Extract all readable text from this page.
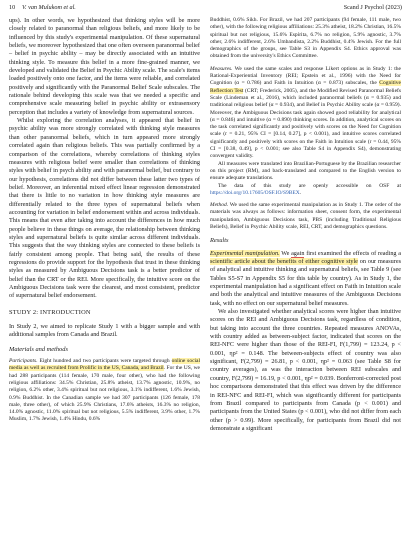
10 V. van Mulukom et al.	Scand J Psychol (2023)

ups). In other words, we hypothesized that thinking styles will be more closely related to paranormal than religious beliefs, and more likely to be influenced by this study's experimental manipulation. Of these supernatural beliefs, we moreover hypothesized that one often overseen paranormal belief – belief in psychic ability – may be directly associated with an intuitive thinking style. To measure this belief in a more fine-grained manner, we developed and validated the Belief in Psychic Ability scale. The scale's items loaded positively onto one factor, and the items were reliable, and correlated positively and significantly with the Paranormal Belief Scale subscales. The rationale behind developing this scale was that we needed a specific and comprehensive scale measuring belief in psychic ability or extrasensory perception that includes a variety of knowledge from supernatural sources.

Whilst exploring the correlation analyses, it appeared that belief in psychic ability was more strongly correlated with thinking style measures than other paranormal beliefs, which in turn appeared more strongly correlated again than religious beliefs. This was partially confirmed by a comparison of the correlations, whereby correlations of thinking styles measures with religious belief were smaller than correlations of thinking styles with belief in psych ability and with paranormal belief, but contrary to our hypothesis, correlations did not differ between these latter two types of belief. Moreover, an inferential mixed effect linear regression demonstrated that there is little to no variation in how thinking style measures are differentially related to the three types of supernatural beliefs when accounting for variation in belief endorsement within and across individuals. This means that even after taking into account the differences in how much people believe in these things on average, the relationship between thinking styles and supernatural beliefs is quite similar across different individuals. This suggests that the way thinking styles are connected to these beliefs is fairly consistent among people. That being said, the results of these regressions do provide support for the hypothesis that trust in these thinking styles as measured by Ambiguous Decisions task is a better predictor of belief than the CRT or the REI. More specifically, the intuitive score on the Ambiguous Decisions task were the clearest, and most consistent, predictor of supernatural belief endorsement.

STUDY 2: INTRODUCTION

In Study 2, we aimed to replicate Study 1 with a bigger sample and with additional samples from Canada and Brazil.

Materials and methods

Participants. Eight hundred and two participants were targeted through online social media as well as recruited from Prolific in the US, Canada, and Brazil. For the US, we had 288 participants (114 female, 170 male, four other), who had the following religious affiliations: 34.5% Christian, 25.8% atheist, 13.7% agnostic, 10.9%, no religion, 6.2% other, 3.4% spiritual but not religious, 3.1% indifferent, 1.6% Jewish, 0.9% Buddhist. In the Canadian sample we had 307 participants (126 female, 178 male, three other), of which 25.9% Christians, 17.6% atheists, 16.3% no religion, 14.0% agnostic, 11.0% spiritual but not religious, 5.5% indifferent, 3.9% other, 1.7% Muslim, 1.7% Jewish, 1.4% Hindu, 0.6%

Buddhist, 0.6% Sikh. For Brazil, we had 207 participants (94 female, 111 male, two other), with the following religious affiliations: 25.3% atheist, 18.2% Christian, 16.5% spiritual but not religious, 15.6% Espírita, 6.7% no religion, 5.9% agnostic, 3.7% other, 2.6% indifferent, 2.6% Umbandista, 2.2% Buddhist, 0.4% Jewish. For the full demographics of the groups, see Table S3 in Appendix S4. Ethics approval was obtained from the university's Ethics Committee.

Measures. We used the same scales and response Likert options as in Study 1: the Rational-Experiential Inventory (REI; Epstein et al., 1996) with the Need for Cognition (α = 0.786) and Faith in Intuition (α = 0.873) subscales, the Cognitive Reflection Test (CRT; Frederick, 2005), and the Modified Revised Paranormal Beliefs Scale (Lindeman et al., 2016), which included paranormal beliefs (α = 0.935) and traditional religious belief (α = 0.934), and Belief in Psychic Ability scale (α = 0.959). Moreover, the Ambiguous Decisions task again showed good reliability for analytical (α = 0.846) and intuitive (α = 0.890) thinking scores. In addition, analytical scores on the task correlated significantly and positively with scores on the Need for Cognition scale (r = 0.21, 95% CI = [0.14, 0.27], p < 0.001), and intuitive scores correlated significantly and positively with scores on the Faith in Intuition scale (r = 0.44, 95% CI = [0.38, 0.49], p < 0.001; see also Table S4 in Appendix S4), demonstrating convergent validity.

All measures were translated into Brazilian-Portuguese by the Brazilian researcher on this project (RM), and back-translated and compared to the English version to ensure adequate translations.

The data of this study are openly accessible on OSF at https://doi.org/10.17605/OSF.IO/S9BEX.

Method. We used the same experimental manipulation as in Study 1. The order of the materials was always as follows: information sheet, consent form, the experimental manipulation, Ambiguous Decisions task, PBS (including Traditional Religious Beliefs), Belief in Psychic Ability scale, REI, CRT, and demographics questions.

Results

Experimental manipulation. We again first examined the effects of reading a scientific article about the benefits of either cognitive style on our measures of analytical and intuitive thinking and supernatural beliefs, see Table 9 (see Tables S5-S7 in Appendix S5 for this table by country). As in Study 1, the experimental manipulation had a significant effect on Faith in Intuition scale and both the analytical and intuitive measures of the Ambiguous Decisions task, with no effect on our supernatural belief measures.

We also investigated whether analytical scores were higher than intuitive scores on the REI and Ambiguous Decisions task, regardless of condition, but taking into account the three countries. Repeated measures ANOVAs, with country added as between-subject factor, indicated that scores on the REI-NFC were higher than those of the REI-FI, F(1,799) = 123.24, p < 0.001, ηp² = 0.148. The between-subjects effect of country was also significant, F(2,799) = 26.81, p < 0.001, ηp² = 0.063 (see Table S8 for country averages), as was the interaction between REI subscales and country, F(2,799) = 16.19, p < 0.001, ηp² = 0.039. Bonferroni-corrected post hoc comparisons demonstrated that this effect was driven by the difference in REI-NFC and REI-FI, which was significantly different for participants from Brazil compared to participants from Canada (p < 0.001) and participants from the United States (p < 0.001), who did not differ from each other (p > 0.99). More specifically, for participants from Brazil did not demonstrate a significant
